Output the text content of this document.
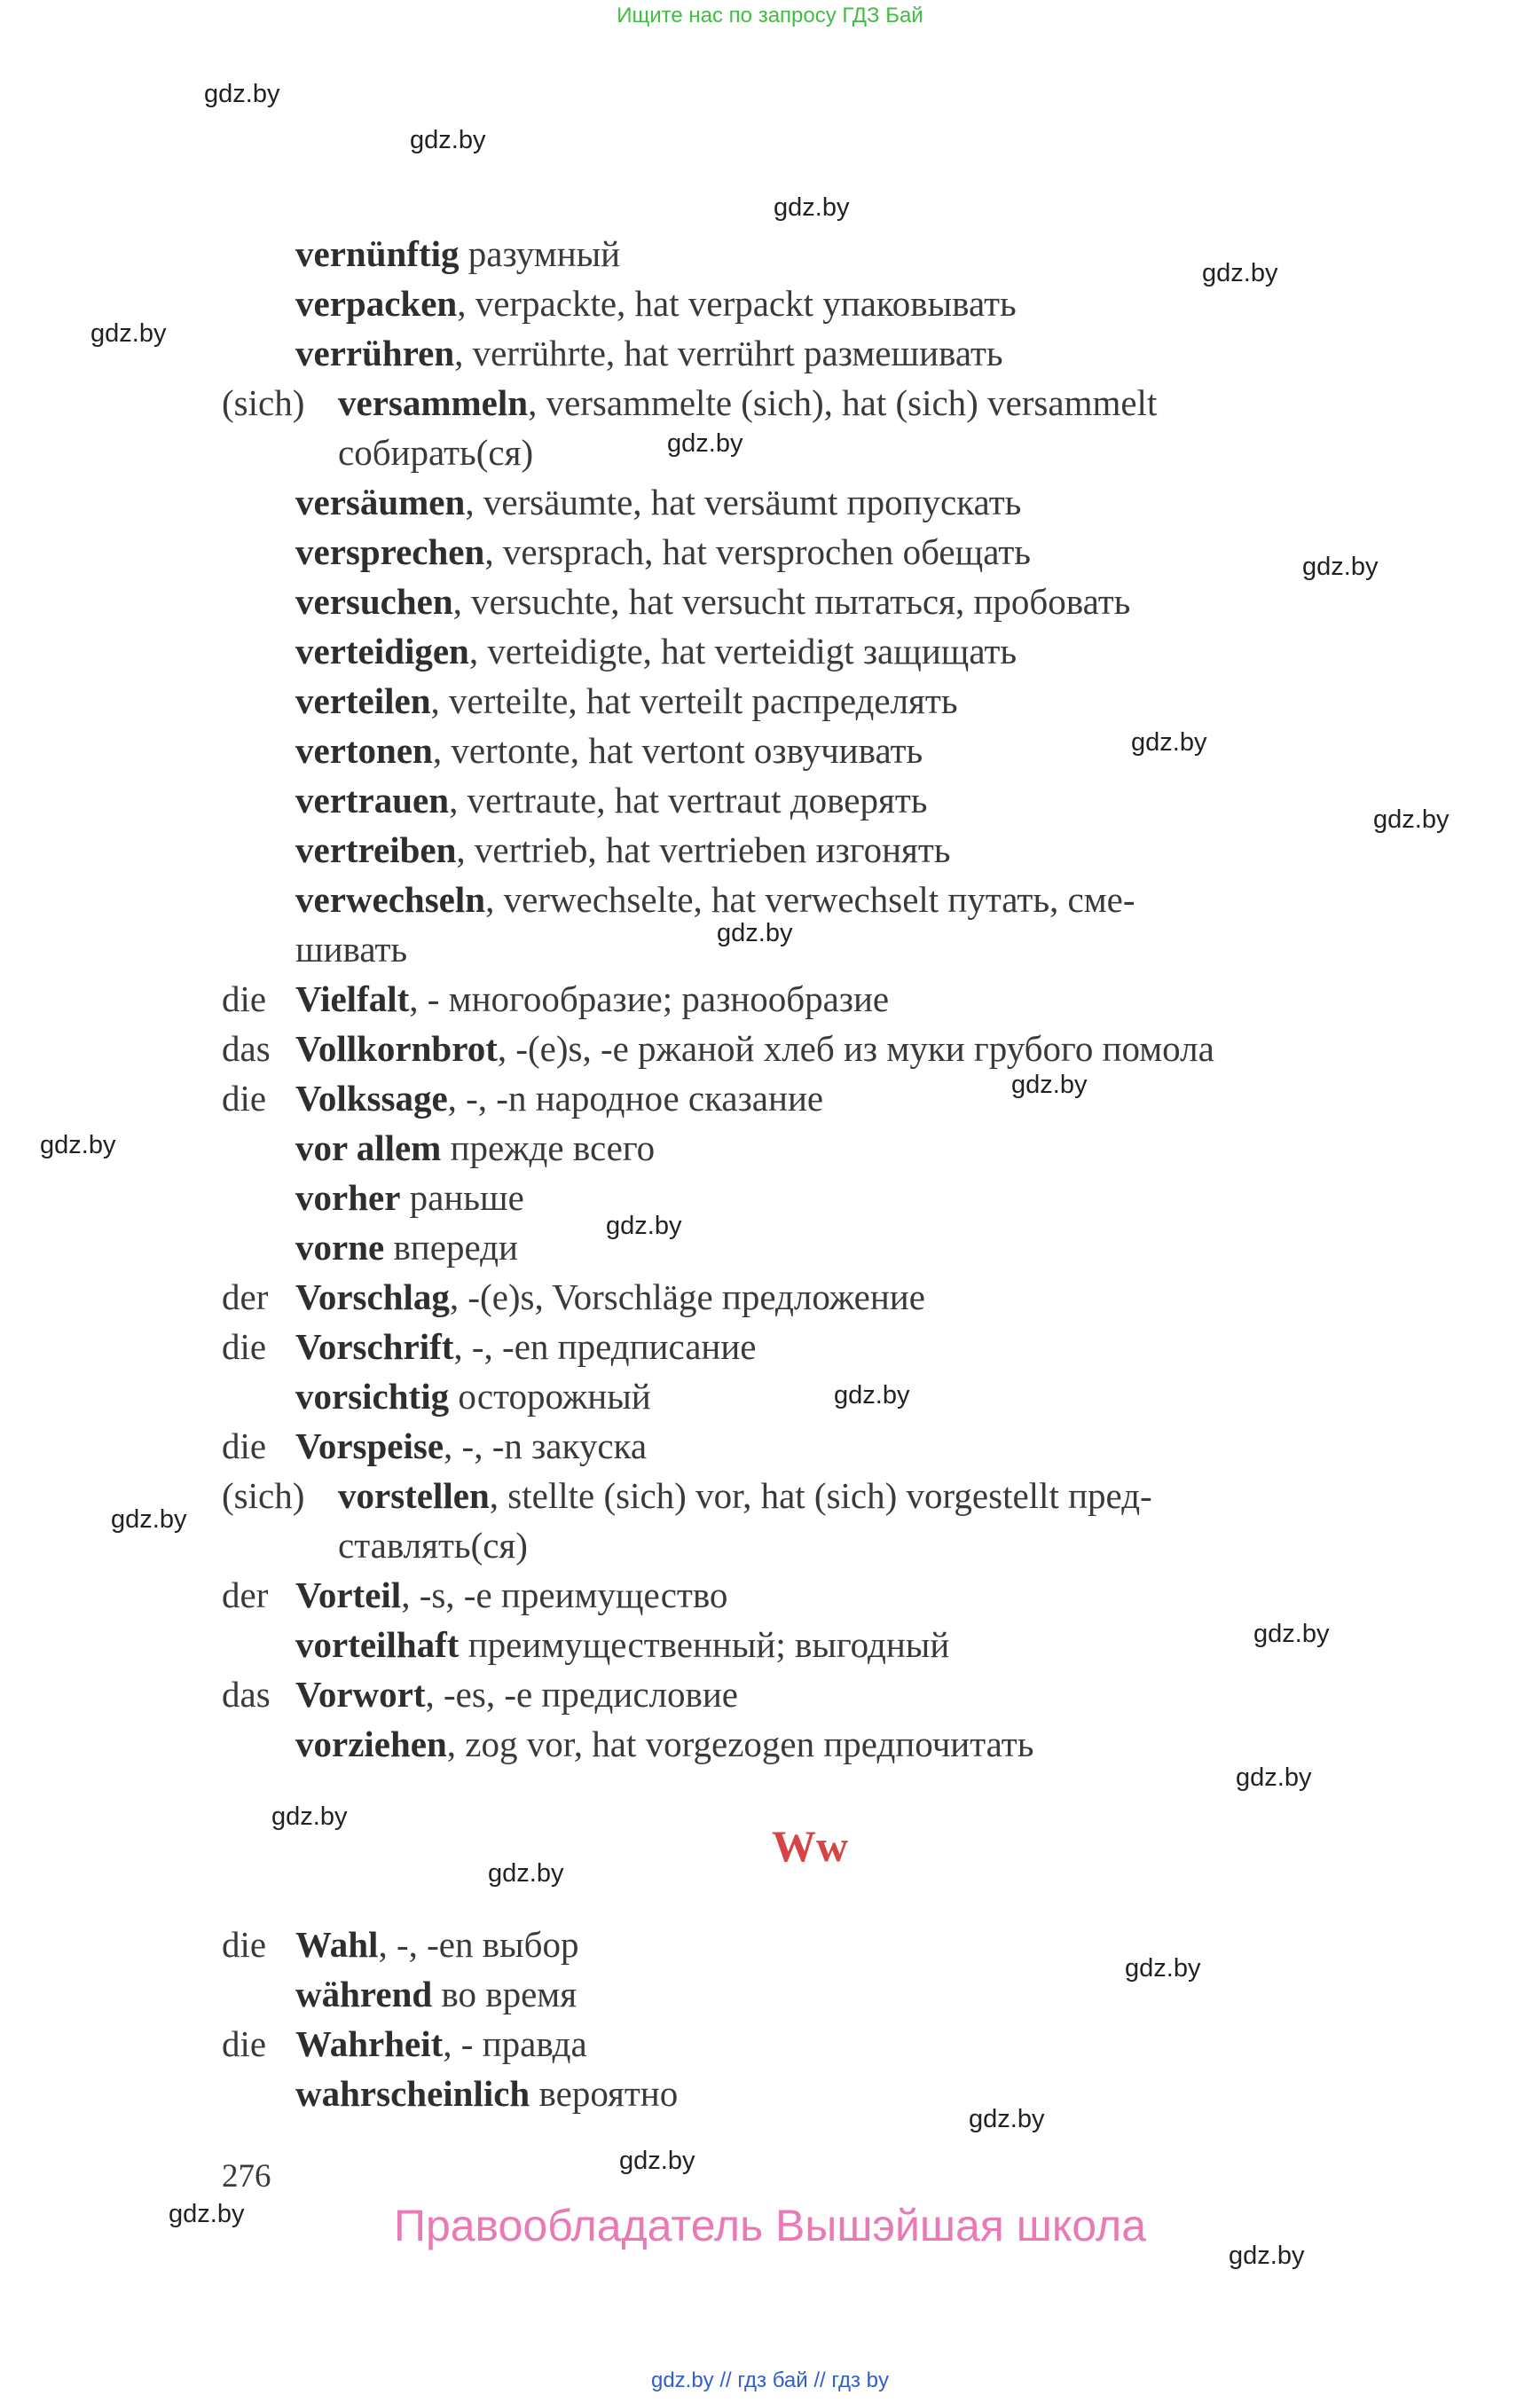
Ищите нас по запросу ГДЗ Бай
gdz.by
gdz.by
gdz.by
gdz.by
gdz.by
gdz.by
gdz.by
gdz.by
gdz.by
gdz.by
gdz.by
gdz.by
gdz.by
gdz.by
gdz.by
gdz.by
gdz.by
gdz.by
gdz.by
gdz.by
gdz.by
gdz.by
gdz.by
gdz.by
vernünftig разумный
verpacken, verpackte, hat verpackt упаковывать
verrühren, verrührte, hat verrührt размешивать
(sich) versammeln, versammelte (sich), hat (sich) versammelt
собирать(ся)
versäumen, versäumte, hat versäumt пропускать
versprechen, versprach, hat versprochen обещать
versuchen, versuchte, hat versucht пытаться, пробовать
verteidigen, verteidigte, hat verteidigt защищать
verteilen, verteilte, hat verteilt распределять
vertonen, vertonte, hat vertont озвучивать
vertrauen, vertraute, hat vertraut доверять
vertreiben, vertrieb, hat vertrieben изгонять
verwechseln, verwechselte, hat verwechselt путать, сме-
шивать
die Vielfalt, - многообразие; разнообразие
das Vollkornbrot, -(e)s, -e ржаной хлеб из муки грубого помола
die Volkssage, -, -n народное сказание
vor allem прежде всего
vorher раньше
vorne впереди
der Vorschlag, -(e)s, Vorschläge предложение
die Vorschrift, -, -en предписание
vorsichtig осторожный
die Vorspeise, -, -n закуска
(sich) vorstellen, stellte (sich) vor, hat (sich) vorgestellt пред-
ставлять(ся)
der Vorteil, -s, -e преимущество
vorteilhaft преимущественный; выгодный
das Vorwort, -es, -e предисловие
vorziehen, zog vor, hat vorgezogen предпочитать
Ww
die Wahl, -, -en выбор
während во время
die Wahrheit, - правда
wahrscheinlich вероятно
276
Правообладатель Вышэйшая школа
gdz.by // гдз бай // гдз by
